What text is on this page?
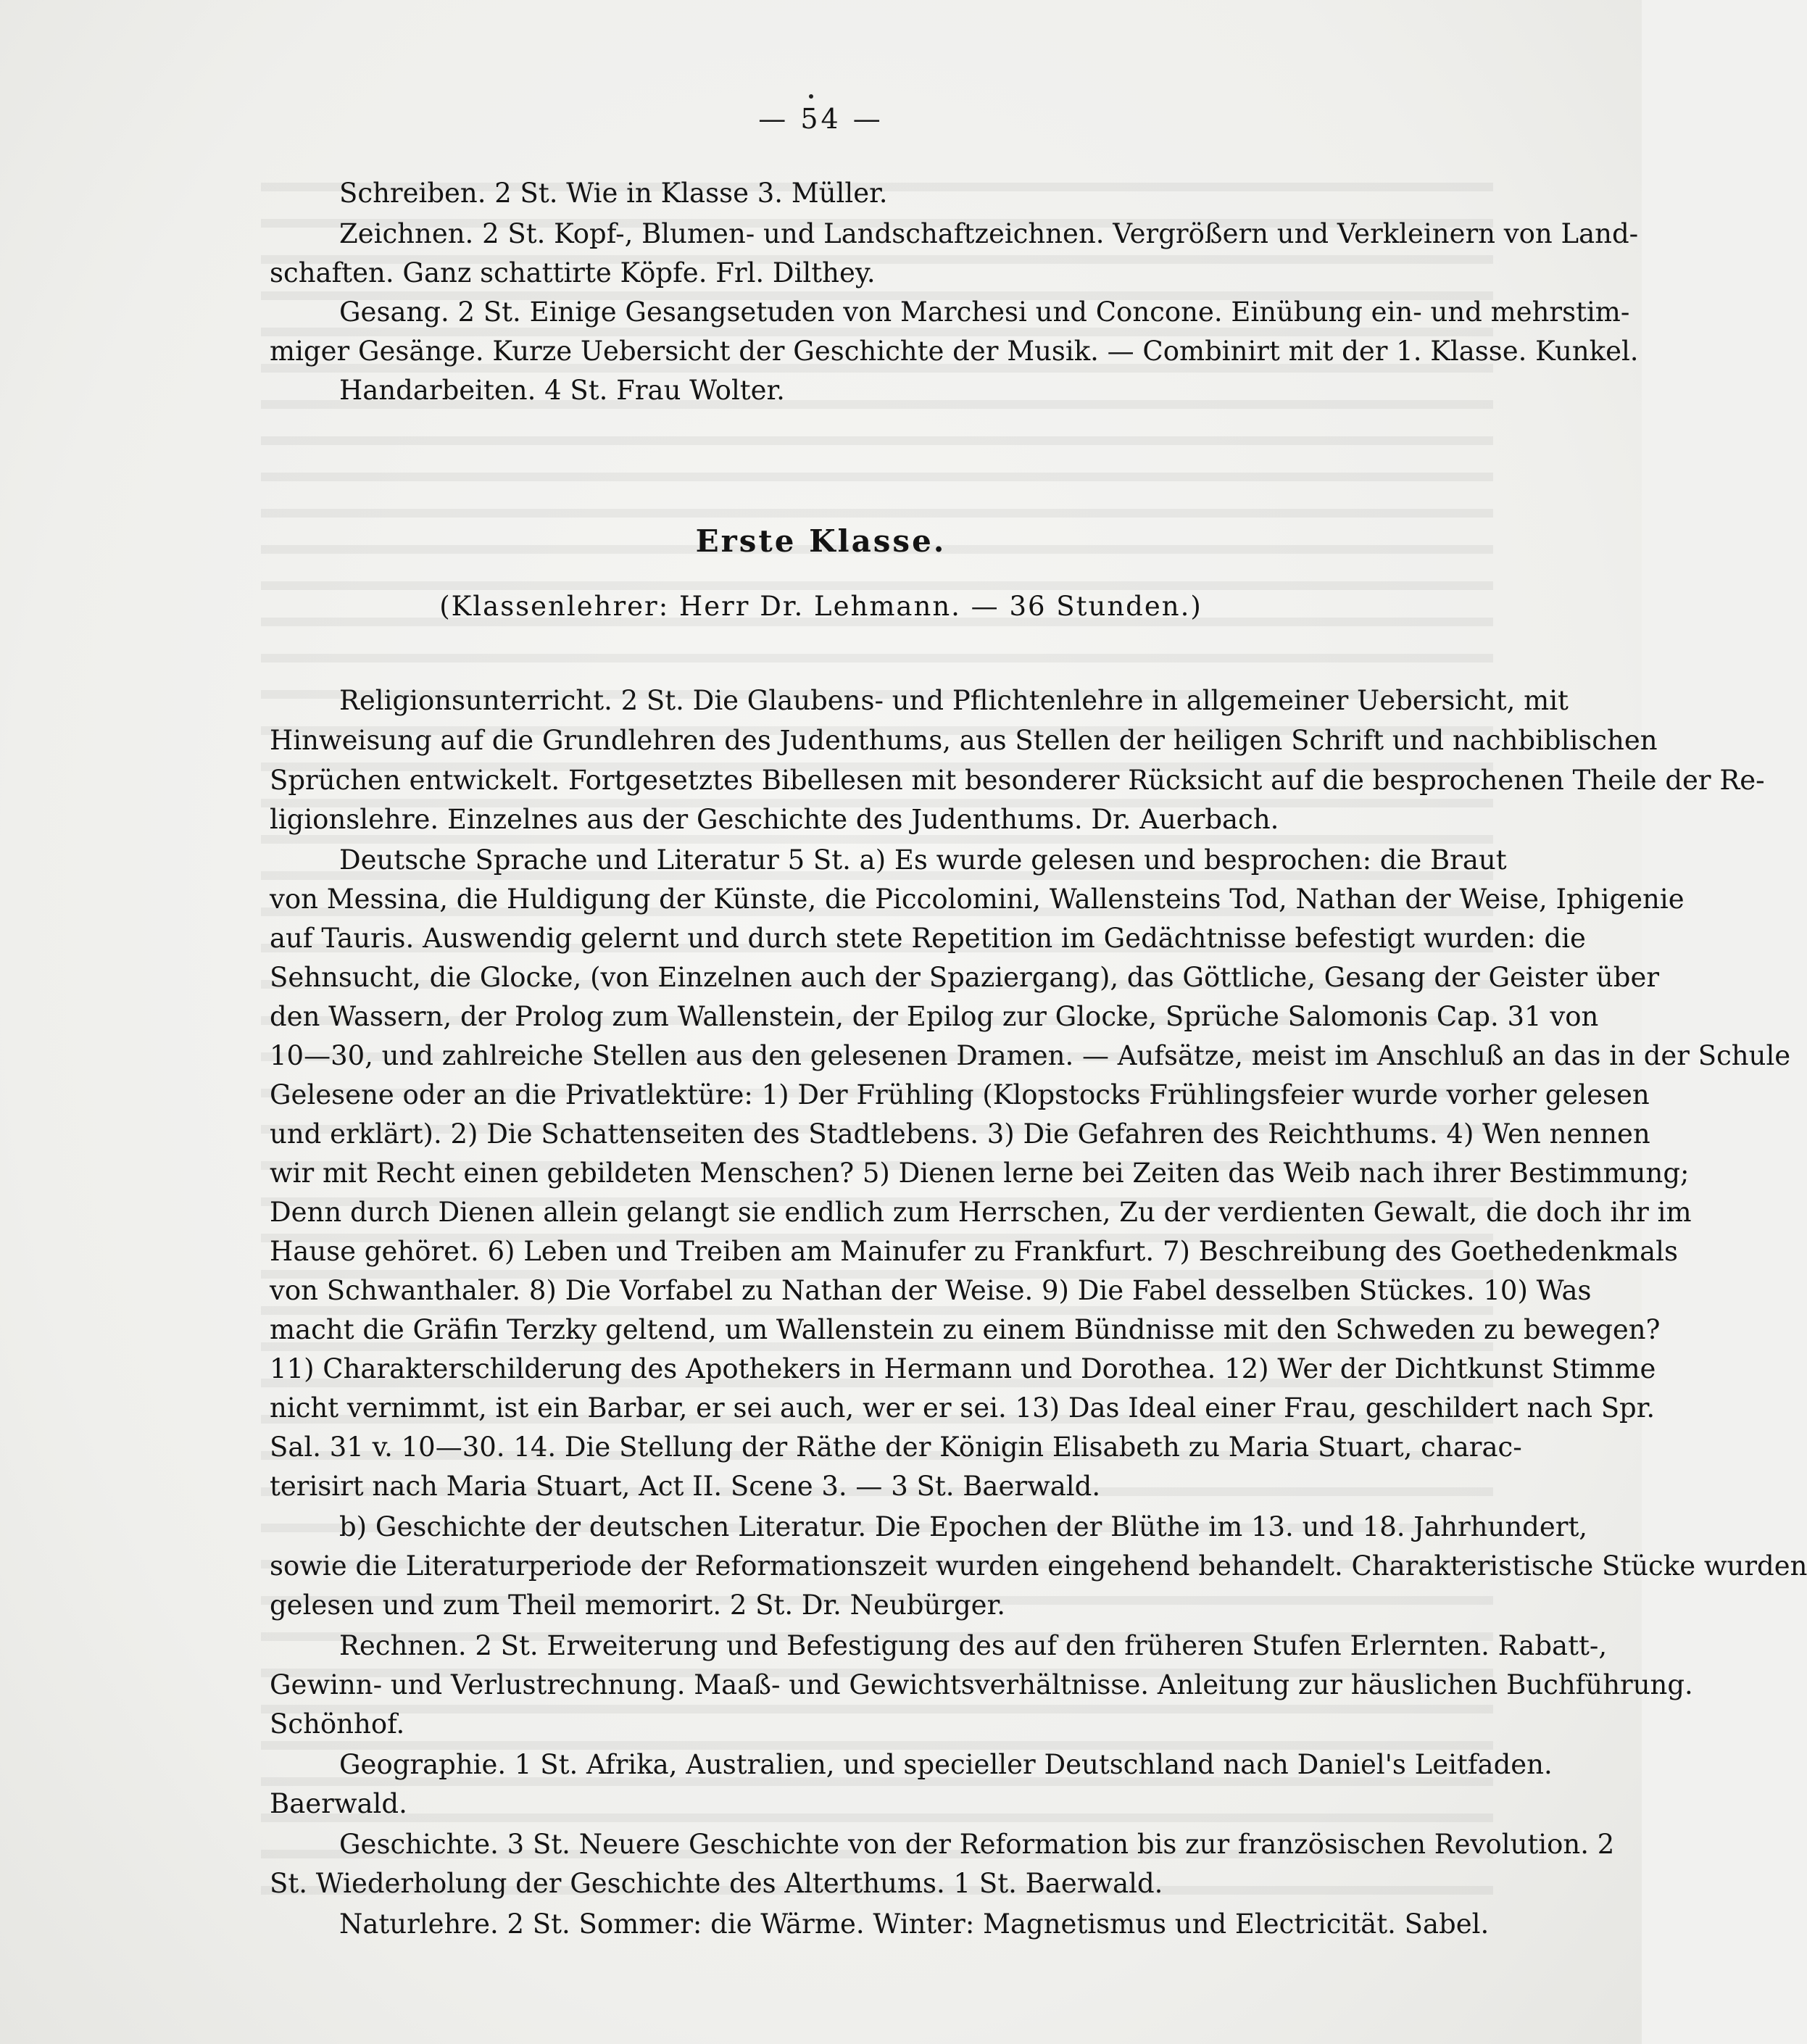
— 54 —
Erste Klasse.
(Klassenlehrer: Herr Dr. Lehmann. — 36 Stunden.)
Schreiben. 2 St. Wie in Klasse 3. Müller.
Zeichnen. 2 St. Kopf-, Blumen- und Landschaftzeichnen. Vergrößern und Verkleinern von Land-
schaften. Ganz schattirte Köpfe. Frl. Dilthey.
Gesang. 2 St. Einige Gesangsetuden von Marchesi und Concone. Einübung ein- und mehrstim-
miger Gesänge. Kurze Uebersicht der Geschichte der Musik. — Combinirt mit der 1. Klasse. Kunkel.
Handarbeiten. 4 St. Frau Wolter.
Religionsunterricht. 2 St. Die Glaubens- und Pflichtenlehre in allgemeiner Uebersicht, mit
Hinweisung auf die Grundlehren des Judenthums, aus Stellen der heiligen Schrift und nachbiblischen
Sprüchen entwickelt. Fortgesetztes Bibellesen mit besonderer Rücksicht auf die besprochenen Theile der Re-
ligionslehre. Einzelnes aus der Geschichte des Judenthums. Dr. Auerbach.
Deutsche Sprache und Literatur 5 St. a) Es wurde gelesen und besprochen: die Braut
von Messina, die Huldigung der Künste, die Piccolomini, Wallensteins Tod, Nathan der Weise, Iphigenie
auf Tauris. Auswendig gelernt und durch stete Repetition im Gedächtnisse befestigt wurden: die
Sehnsucht, die Glocke, (von Einzelnen auch der Spaziergang), das Göttliche, Gesang der Geister über
den Wassern, der Prolog zum Wallenstein, der Epilog zur Glocke, Sprüche Salomonis Cap. 31 von
10—30, und zahlreiche Stellen aus den gelesenen Dramen. — Aufsätze, meist im Anschluß an das in der Schule
Gelesene oder an die Privatlektüre: 1) Der Frühling (Klopstocks Frühlingsfeier wurde vorher gelesen
und erklärt). 2) Die Schattenseiten des Stadtlebens. 3) Die Gefahren des Reichthums. 4) Wen nennen
wir mit Recht einen gebildeten Menschen? 5) Dienen lerne bei Zeiten das Weib nach ihrer Bestimmung;
Denn durch Dienen allein gelangt sie endlich zum Herrschen, Zu der verdienten Gewalt, die doch ihr im
Hause gehöret. 6) Leben und Treiben am Mainufer zu Frankfurt. 7) Beschreibung des Goethedenkmals
von Schwanthaler. 8) Die Vorfabel zu Nathan der Weise. 9) Die Fabel desselben Stückes. 10) Was
macht die Gräfin Terzky geltend, um Wallenstein zu einem Bündnisse mit den Schweden zu bewegen?
11) Charakterschilderung des Apothekers in Hermann und Dorothea. 12) Wer der Dichtkunst Stimme
nicht vernimmt, ist ein Barbar, er sei auch, wer er sei. 13) Das Ideal einer Frau, geschildert nach Spr.
Sal. 31 v. 10—30. 14. Die Stellung der Räthe der Königin Elisabeth zu Maria Stuart, charac-
terisirt nach Maria Stuart, Act II. Scene 3. — 3 St. Baerwald.
b) Geschichte der deutschen Literatur. Die Epochen der Blüthe im 13. und 18. Jahrhundert,
sowie die Literaturperiode der Reformationszeit wurden eingehend behandelt. Charakteristische Stücke wurden
gelesen und zum Theil memorirt. 2 St. Dr. Neubürger.
Rechnen. 2 St. Erweiterung und Befestigung des auf den früheren Stufen Erlernten. Rabatt-,
Gewinn- und Verlustrechnung. Maaß- und Gewichtsverhältnisse. Anleitung zur häuslichen Buchführung.
Schönhof.
Geographie. 1 St. Afrika, Australien, und specieller Deutschland nach Daniel's Leitfaden.
Baerwald.
Geschichte. 3 St. Neuere Geschichte von der Reformation bis zur französischen Revolution. 2
St. Wiederholung der Geschichte des Alterthums. 1 St. Baerwald.
Naturlehre. 2 St. Sommer: die Wärme. Winter: Magnetismus und Electricität. Sabel.
